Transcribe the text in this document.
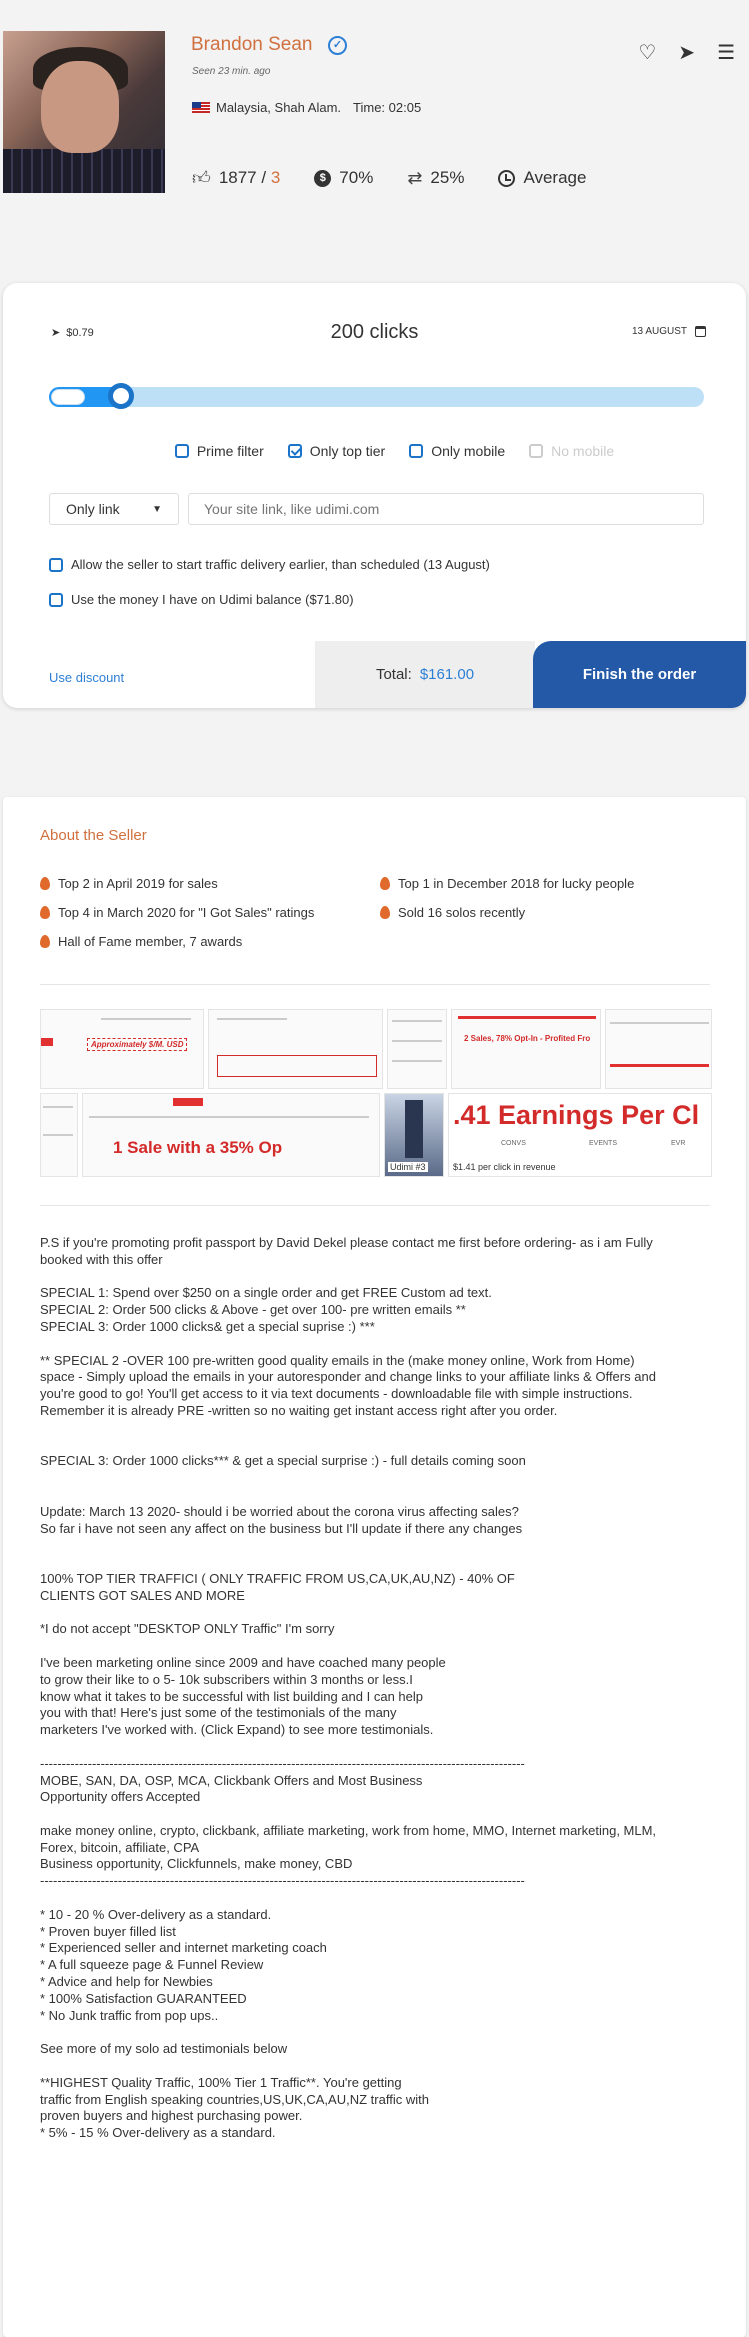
Brandon Sean	✓
Seen 23 min. ago
Malaysia, Shah Alam. Time: 02:05
♡ ➤ ☰
👍︎ 1877 / 3	$ 70% ⇄ 25%	Average
➤ $0.79	200 clicks	13 AUGUST
Prime filter	Only top tier	Only mobile	No mobile
Only link	▼
Your site link, like udimi.com
Allow the seller to start traffic delivery earlier, than scheduled (13 August)
Use the money I have on Udimi balance ($71.80)
Use discount	Total: $161.00	Finish the order
About the Seller
Top 2 in April 2019 for sales	Top 1 in December 2018 for lucky people
Top 4 in March 2020 for "I Got Sales" ratings	Sold 16 solos recently
Hall of Fame member, 7 awards
Approximately $/M. USD
2 Sales, 78% Opt-In - Profited Fro
1 Sale with a 35% Op
Udimi #3
.41 Earnings Per Cl
CONVS	EVENTS	EVR
$1.41 per click in revenue
P.S if you're promoting profit passport by David Dekel please contact me first before ordering- as i am Fully
booked with this offer

SPECIAL 1: Spend over $250 on a single order and get FREE Custom ad text.
SPECIAL 2: Order 500 clicks & Above - get over 100- pre written emails **
SPECIAL 3: Order 1000 clicks& get a special suprise :) ***

** SPECIAL 2 -OVER 100 pre-written good quality emails in the (make money online, Work from Home)
space - Simply upload the emails in your autoresponder and change links to your affiliate links & Offers and
you're good to go! You'll get access to it via text documents - downloadable file with simple instructions.
Remember it is already PRE -written so no waiting get instant access right after you order.

SPECIAL 3: Order 1000 clicks*** & get a special surprise :) - full details coming soon

Update: March 13 2020- should i be worried about the corona virus affecting sales?
So far i have not seen any affect on the business but I'll update if there any changes

100% TOP TIER TRAFFICI ( ONLY TRAFFIC FROM US,CA,UK,AU,NZ) - 40% OF
CLIENTS GOT SALES AND MORE

*I do not accept "DESKTOP ONLY Traffic" I'm sorry

I've been marketing online since 2009 and have coached many people
to grow their like to o 5- 10k subscribers within 3 months or less.I
know what it takes to be successful with list building and I can help
you with that! Here's just some of the testimonials of the many
marketers I've worked with. (Click Expand) to see more testimonials.

----------------------------------------------------------------------------------------------------------------
MOBE, SAN, DA, OSP, MCA, Clickbank Offers and Most Business
Opportunity offers Accepted

make money online, crypto, clickbank, affiliate marketing, work from home, MMO, Internet marketing, MLM,
Forex, bitcoin, affiliate, CPA
Business opportunity, Clickfunnels, make money, CBD
----------------------------------------------------------------------------------------------------------------

* 10 - 20 % Over-delivery as a standard.
* Proven buyer filled list
* Experienced seller and internet marketing coach
* A full squeeze page & Funnel Review
* Advice and help for Newbies
* 100% Satisfaction GUARANTEED
* No Junk traffic from pop ups..

See more of my solo ad testimonials below

**HIGHEST Quality Traffic, 100% Tier 1 Traffic**. You're getting
traffic from English speaking countries,US,UK,CA,AU,NZ traffic with
proven buyers and highest purchasing power.
* 5% - 15 % Over-delivery as a standard.
